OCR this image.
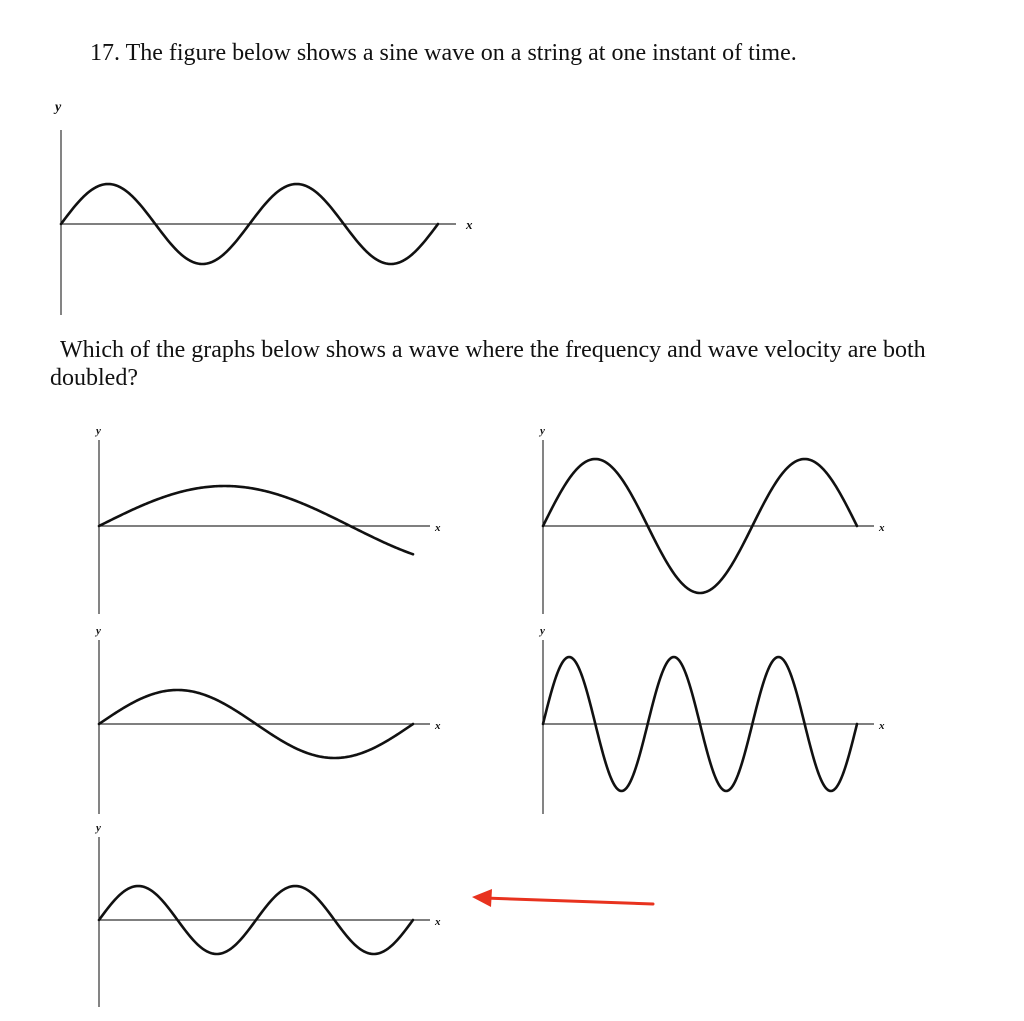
17. The figure below shows a sine wave on a string at one instant of time.
y
x
Which of the graphs below shows a wave where the frequency and wave velocity are both
doubled?
y
x
y
x
y
x
y
x
y
x
